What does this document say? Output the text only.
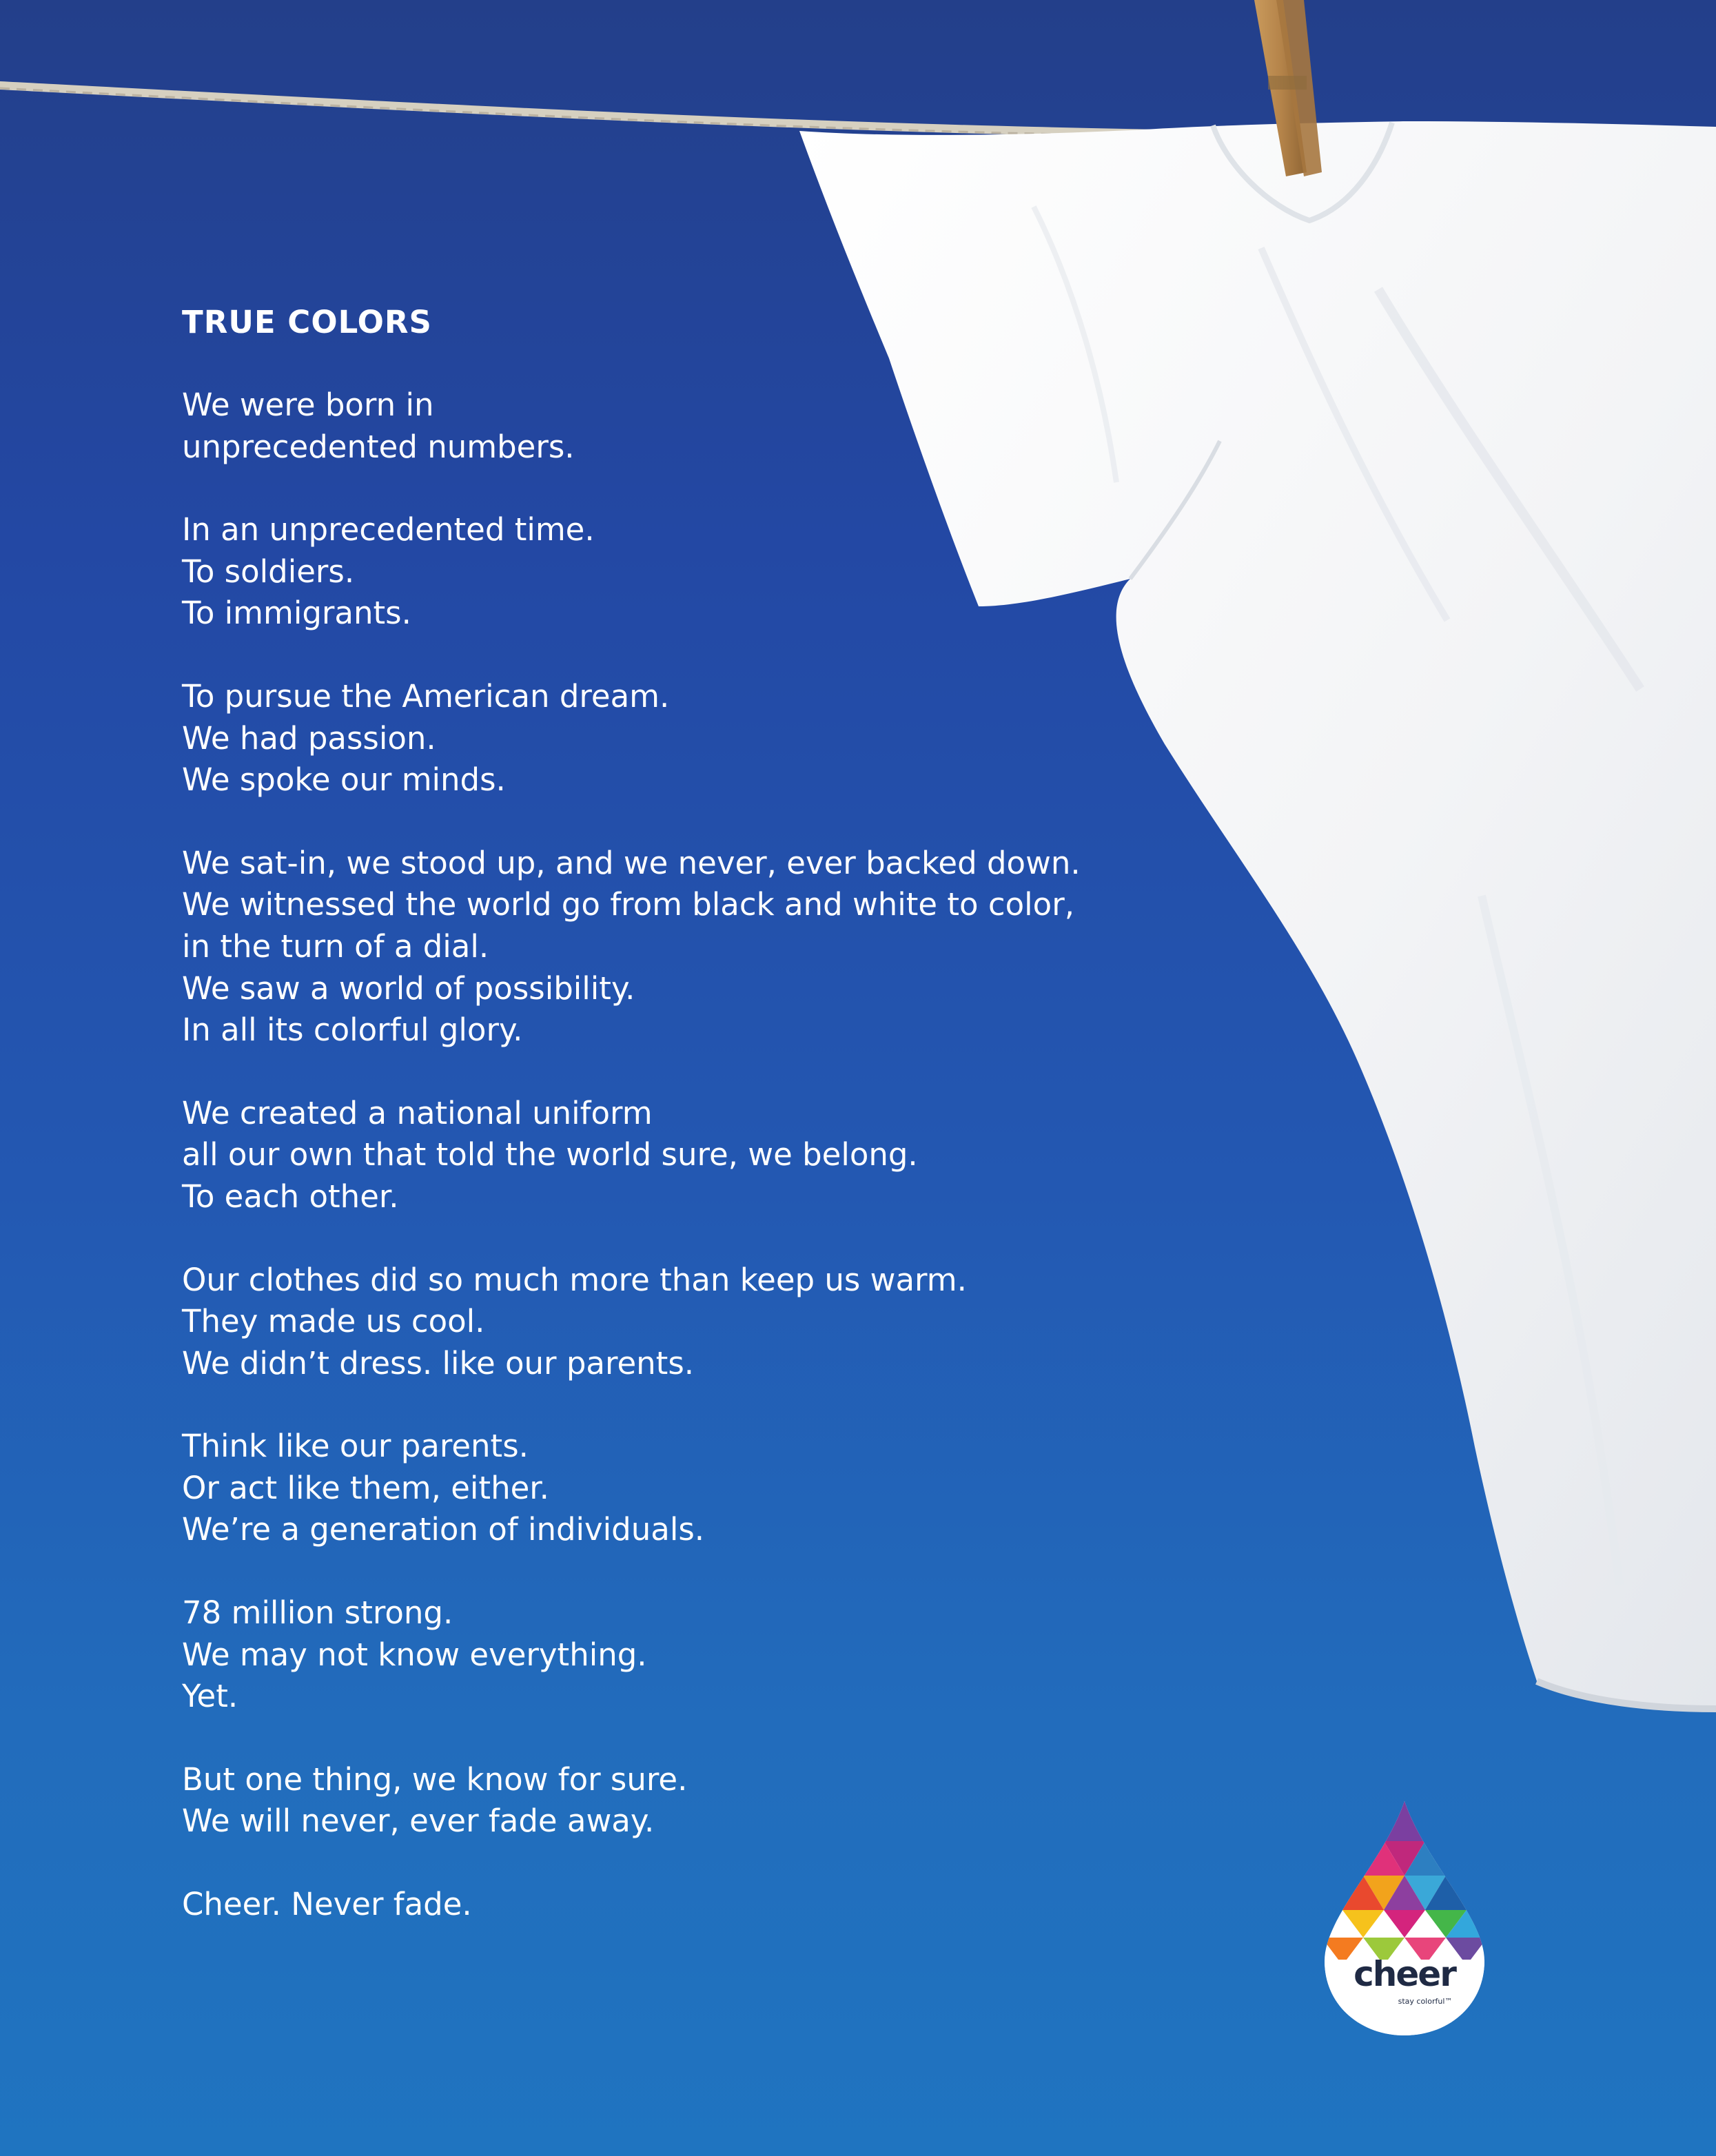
TRUE COLORS
We were born in
unprecedented numbers.
In an unprecedented time.
To soldiers.
To immigrants.
To pursue the American dream.
We had passion.
We spoke our minds.
We sat-in, we stood up, and we never, ever backed down.
We witnessed the world go from black and white to color,
in the turn of a dial.
We saw a world of possibility.
In all its colorful glory.
We created a national uniform
all our own that told the world sure, we belong.
To each other.
Our clothes did so much more than keep us warm.
They made us cool.
We didn’t dress. like our parents.
Think like our parents.
Or act like them, either.
We’re a generation of individuals.
78 million strong.
We may not know everything.
Yet.
But one thing, we know for sure.
We will never, ever fade away.
Cheer. Never fade.
cheer
stay colorful™
